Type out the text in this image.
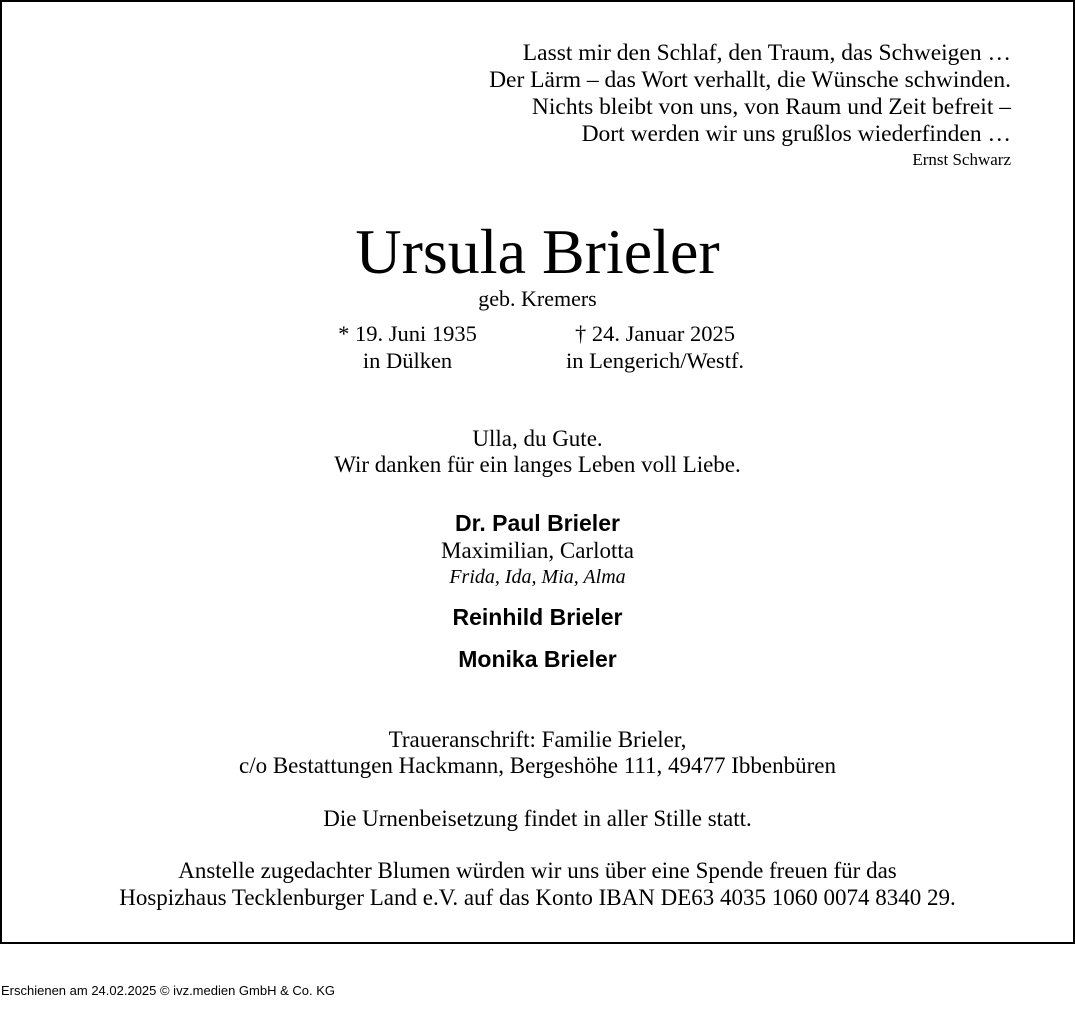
Lasst mir den Schlaf, den Traum, das Schweigen …
Der Lärm – das Wort verhallt, die Wünsche schwinden.
Nichts bleibt von uns, von Raum und Zeit befreit –
Dort werden wir uns grußlos wiederfinden …
Ernst Schwarz
Ursula Brieler
geb. Kremers
* 19. Juni 1935
in Dülken
† 24. Januar 2025
in Lengerich/Westf.
Ulla, du Gute.
Wir danken für ein langes Leben voll Liebe.
Dr. Paul Brieler
Maximilian, Carlotta
Frida, Ida, Mia, Alma
Reinhild Brieler
Monika Brieler
Traueranschrift: Familie Brieler,
c/o Bestattungen Hackmann, Bergeshöhe 111, 49477 Ibbenbüren
Die Urnenbeisetzung findet in aller Stille statt.
Anstelle zugedachter Blumen würden wir uns über eine Spende freuen für das
Hospizhaus Tecklenburger Land e.V. auf das Konto IBAN DE63 4035 1060 0074 8340 29.
Erschienen am 24.02.2025 © ivz.medien GmbH & Co. KG
